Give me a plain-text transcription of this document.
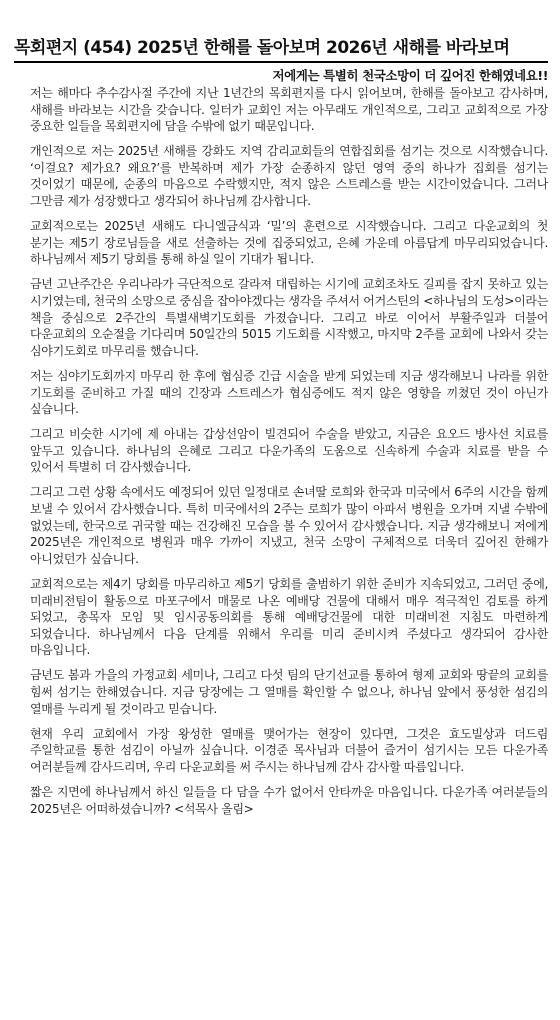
목회편지 (454) 2025년 한해를 돌아보며 2026년 새해를 바라보며
저에게는 특별히 천국소망이 더 깊어진 한해였네요!!

저는 해마다 추수감사절 주간에 지난 1년간의 목회편지를 다시 읽어보며, 한해를 돌아보고 감사하며, 새해를 바라보는 시간을 갖습니다. 일터가 교회인 저는 아무래도 개인적으로, 그리고 교회적으로 가장 중요한 일들을 목회편지에 담을 수밖에 없기 때문입니다.

개인적으로 저는 2025년 새해를 강화도 지역 감리교회들의 연합집회를 섬기는 것으로 시작했습니다. ‘이걸요? 제가요? 왜요?’를 반복하며 제가 가장 순종하지 않던 영역 중의 하나가 집회를 섬기는 것이었기 때문에, 순종의 마음으로 수락했지만, 적지 않은 스트레스를 받는 시간이었습니다. 그러나 그만큼 제가 성장했다고 생각되어 하나님께 감사합니다.

교회적으로는 2025년 새해도 다니엘금식과 ‘밀’의 훈련으로 시작했습니다. 그리고 다운교회의 첫 분기는 제5기 장로님들을 새로 선출하는 것에 집중되었고, 은혜 가운데 아름답게 마무리되었습니다. 하나님께서 제5기 당회를 통해 하실 일이 기대가 됩니다.

금년 고난주간은 우리나라가 극단적으로 갈라져 대립하는 시기에 교회조차도 길피를 잡지 못하고 있는 시기였는데, 천국의 소망으로 중심을 잡아야겠다는 생각을 주셔서 어거스틴의 <하나님의 도성>이라는 책을 중심으로 2주간의 특별새벽기도회를 가졌습니다. 그리고 바로 이어서 부활주일과 더불어 다운교회의 오순절을 기다리며 50일간의 5015 기도회를 시작했고, 마지막 2주를 교회에 나와서 갖는 심야기도회로 마무리를 했습니다.

저는 심야기도회까지 마무리 한 후에 협심증 긴급 시술을 받게 되었는데 지금 생각해보니 나라를 위한 기도회를 준비하고 가질 때의 긴장과 스트레스가 협심증에도 적지 않은 영향을 끼쳤던 것이 아닌가 싶습니다.

그리고 비슷한 시기에 제 아내는 갑상선암이 빌견되어 수술을 받았고, 지금은 요오드 방사선 치료를 앞두고 있습니다. 하나님의 은혜로 그리고 다운가족의 도움으로 신속하게 수술과 치료를 받을 수 있어서 특별히 더 감사했습니다.

그리고 그런 상황 속에서도 예정되어 있던 일정대로 손녀딸 로희와 한국과 미국에서 6주의 시간을 함께 보낼 수 있어서 감사했습니다. 특히 미국에서의 2주는 로희가 많이 아파서 병원을 오가며 지낼 수밖에 없었는데, 한국으로 귀국할 때는 건강해진 모습을 볼 수 있어서 감사했습니다. 지금 생각해보니 저에게 2025년은 개인적으로 병원과 매우 가까이 지냈고, 천국 소망이 구체적으로 더욱더 깊어진 한해가 아니었던가 싶습니다.

교회적으로는 제4기 당회를 마무리하고 제5기 당회를 출범하기 위한 준비가 지속되었고, 그러던 중에, 미래비전팀이 활동으로 마포구에서 매물로 나온 예배당 건물에 대해서 매우 적극적인 검토를 하게 되었고, 총목자 모임 및 임시공동의회를 통해 예배당건물에 대한 미래비전 지침도 마련하게 되었습니다. 하나님께서 다음 단계를 위해서 우리를 미리 준비시켜 주셨다고 생각되어 감사한 마음입니다.

금년도 봄과 가을의 가정교회 세미나, 그리고 다섯 팀의 단기선교를 통하여 형제 교회와 땅끝의 교회를 힘써 섬기는 한해였습니다. 지금 당장에는 그 열매를 확인할 수 없으나, 하나님 앞에서 풍성한 섬김의 열매를 누리게 될 것이라고 믿습니다.

현재 우리 교회에서 가장 왕성한 열매를 맺어가는 현장이 있다면, 그것은 효도빌상과 더드림 주일학교를 통한 섬김이 아닐까 싶습니다. 이경준 목사님과 더불어 즐거이 섬기시는 모든 다운가족 여러분들께 감사드리며, 우리 다운교회를 써 주시는 하나님께 감사 감사할 따름입니다.

짧은 지면에 하나님께서 하신 일들을 다 담을 수가 없어서 안타까운 마음입니다. 다운가족 여러분들의 2025년은 어떠하셨습니까? <석목사 올림>
